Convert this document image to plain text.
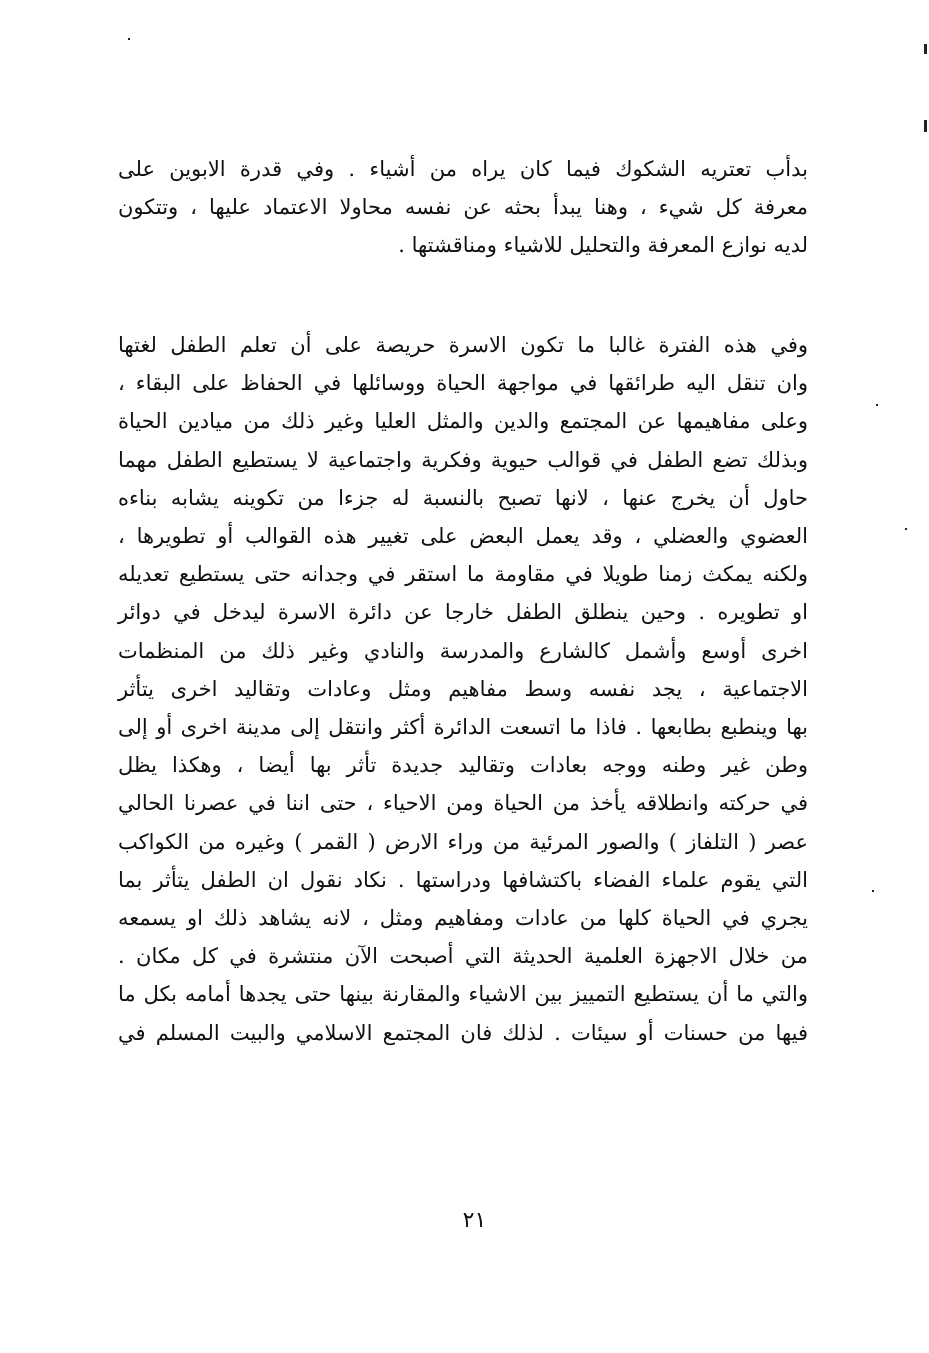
بدأب تعتريه الشكوك فيما كان يراه من أشياء . وفي قدرة الابوين على
معرفة كل شيء ، وهنا يبدأ بحثه عن نفسه محاولا الاعتماد عليها ، وتتكون
لديه نوازع المعرفة والتحليل للاشياء ومناقشتها .
وفي هذه الفترة غالبا ما تكون الاسرة حريصة على أن تعلم الطفل لغتها
وان تنقل اليه طرائقها في مواجهة الحياة ووسائلها في الحفاظ على البقاء ،
وعلى مفاهيمها عن المجتمع والدين والمثل العليا وغير ذلك من ميادين الحياة
وبذلك تضع الطفل في قوالب حيوية وفكرية واجتماعية لا يستطيع الطفل مهما
حاول أن يخرج عنها ، لانها تصبح بالنسبة له جزءا من تكوينه يشابه بناءه
العضوي والعضلي ، وقد يعمل البعض على تغيير هذه القوالب أو تطويرها ،
ولكنه يمكث زمنا طويلا في مقاومة ما استقر في وجدانه حتى يستطيع تعديله
او تطويره . وحين ينطلق الطفل خارجا عن دائرة الاسرة ليدخل في دوائر
اخرى أوسع وأشمل كالشارع والمدرسة والنادي وغير ذلك من المنظمات
الاجتماعية ، يجد نفسه وسط مفاهيم ومثل وعادات وتقاليد اخرى يتأثر
بها وينطبع بطابعها . فاذا ما اتسعت الدائرة أكثر وانتقل إلى مدينة اخرى أو إلى
وطن غير وطنه ووجه بعادات وتقاليد جديدة تأثر بها أيضا ، وهكذا يظل
في حركته وانطلاقه يأخذ من الحياة ومن الاحياء ، حتى اننا في عصرنا الحالي
عصر ( التلفاز ) والصور المرئية من وراء الارض ( القمر ) وغيره من الكواكب
التي يقوم علماء الفضاء باكتشافها ودراستها . نكاد نقول ان الطفل يتأثر بما
يجري في الحياة كلها من عادات ومفاهيم ومثل ، لانه يشاهد ذلك او يسمعه
من خلال الاجهزة العلمية الحديثة التي أصبحت الآن منتشرة في كل مكان .
والتي ما أن يستطيع التمييز بين الاشياء والمقارنة بينها حتى يجدها أمامه بكل ما
فيها من حسنات أو سيئات . لذلك فان المجتمع الاسلامي والبيت المسلم في
٢١
